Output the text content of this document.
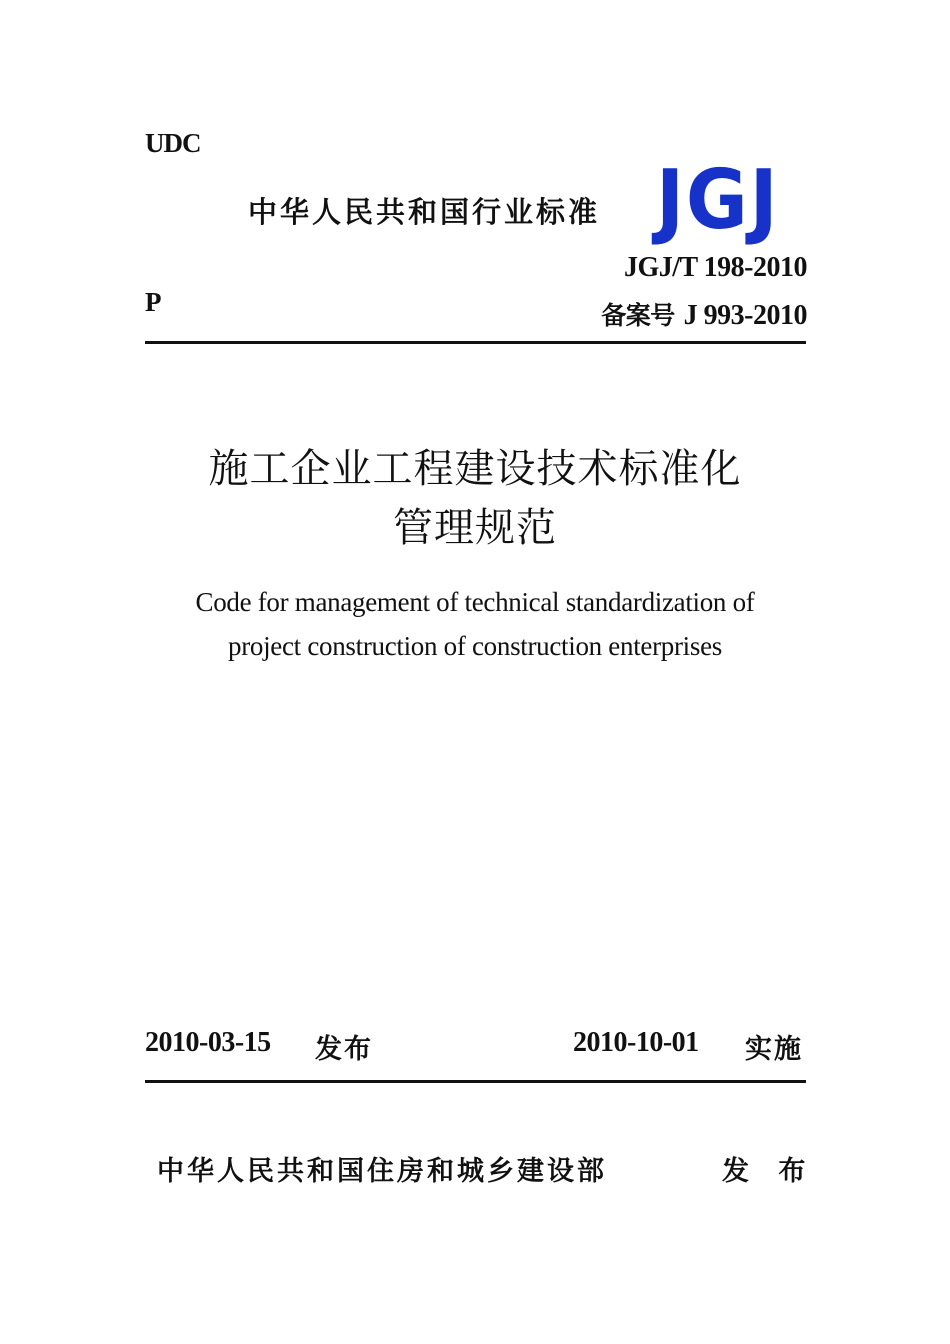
UDC
中华人民共和国行业标准 JGJ
JGJ/T 198-2010
P	备案号 J 993-2010
施工企业工程建设技术标准化
管理规范
Code for management of technical standardization of
project construction of construction enterprises
2010-03-15 发布	2010-10-01 实施
中华人民共和国住房和城乡建设部	发 布
